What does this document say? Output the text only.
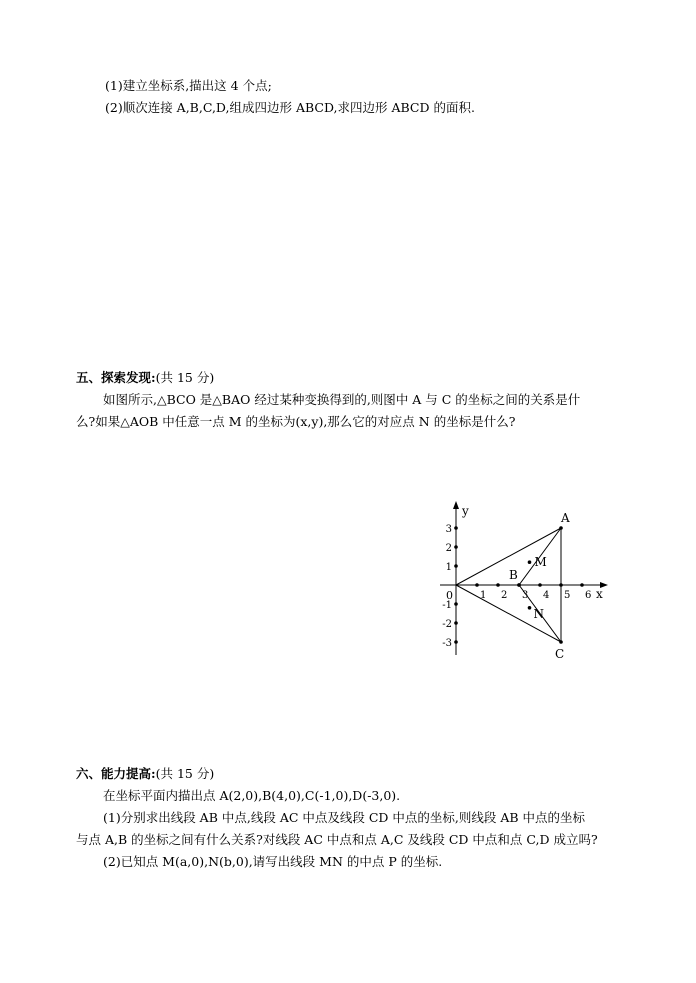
(1)建立坐标系,描出这 4 个点;
(2)顺次连接 A,B,C,D,组成四边形 ABCD,求四边形 ABCD 的面积.
五、探索发现:(共 15 分)
如图所示,△BCO 是△BAO 经过某种变换得到的,则图中 A 与 C 的坐标之间的关系是什
么?如果△AOB 中任意一点 M 的坐标为(x,y),那么它的对应点 N 的坐标是什么?
1 2 3 4 5 6
3
2
1
-1
-2
-3
A
B
C
M
N
y
x
0
六、能力提高:(共 15 分)
在坐标平面内描出点 A(2,0),B(4,0),C(-1,0),D(-3,0).
(1)分别求出线段 AB 中点,线段 AC 中点及线段 CD 中点的坐标,则线段 AB 中点的坐标
与点 A,B 的坐标之间有什么关系?对线段 AC 中点和点 A,C 及线段 CD 中点和点 C,D 成立吗?
(2)已知点 M(a,0),N(b,0),请写出线段 MN 的中点 P 的坐标.
